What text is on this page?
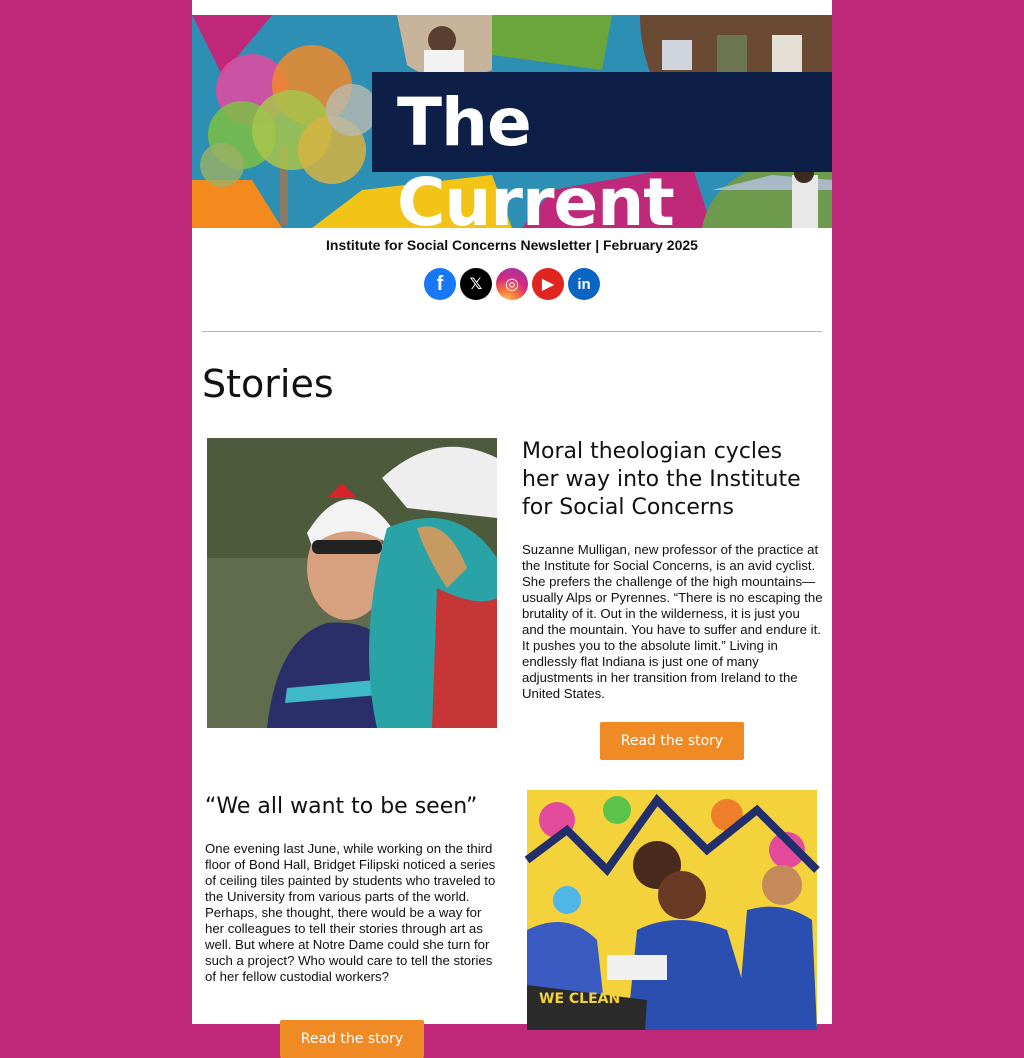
The Current
Institute for Social Concerns Newsletter | February 2025
f	𝕏	◎	▶	in
Stories
Moral theologian cycles her way into the Institute for Social Concerns
Suzanne Mulligan, new professor of the practice at the Institute for Social Concerns, is an avid cyclist. She prefers the challenge of the high mountains—usually Alps or Pyrennes. “There is no escaping the brutality of it. Out in the wilderness, it is just you and the mountain. You have to suffer and endure it. It pushes you to the absolute limit.” Living in endlessly flat Indiana is just one of many adjustments in her transition from Ireland to the United States.
Read the story
“We all want to be seen”
One evening last June, while working on the third floor of Bond Hall, Bridget Filipski noticed a series of ceiling tiles painted by students who traveled to the University from various parts of the world. Perhaps, she thought, there would be a way for her colleagues to tell their stories through art as well. But where at Notre Dame could she turn for such a project? Who would care to tell the stories of her fellow custodial workers?
Read the story
WE CLEAN
